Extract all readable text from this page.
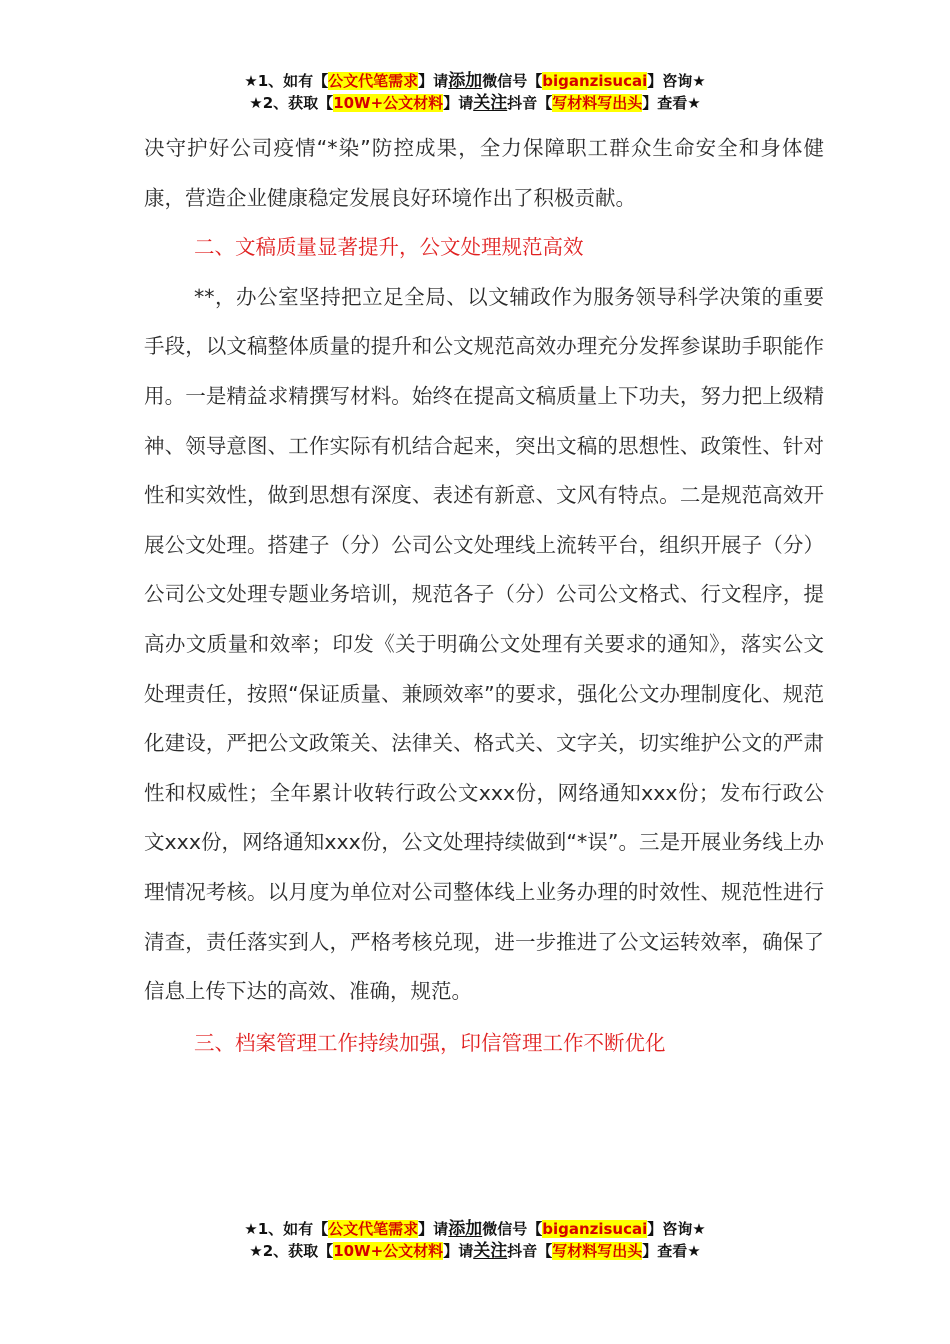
★1、如有【公文代笔需求】请添加微信号【biganzisucai】咨询★
★2、获取【10W+公文材料】请关注抖音【写材料写出头】查看★

决守护好公司疫情“*染”防控成果，全力保障职工群众生命安全和身体健康，营造企业健康稳定发展良好环境作出了积极贡献。

二、文稿质量显著提升，公文处理规范高效

**，办公室坚持把立足全局、以文辅政作为服务领导科学决策的重要手段，以文稿整体质量的提升和公文规范高效办理充分发挥参谋助手职能作用。一是精益求精撰写材料。始终在提高文稿质量上下功夫，努力把上级精神、领导意图、工作实际有机结合起来，突出文稿的思想性、政策性、针对性和实效性，做到思想有深度、表述有新意、文风有特点。二是规范高效开展公文处理。搭建子（分）公司公文处理线上流转平台，组织开展子（分）公司公文处理专题业务培训，规范各子（分）公司公文格式、行文程序，提高办文质量和效率；印发《关于明确公文处理有关要求的通知》，落实公文处理责任，按照“保证质量、兼顾效率”的要求，强化公文办理制度化、规范化建设，严把公文政策关、法律关、格式关、文字关，切实维护公文的严肃性和权威性；全年累计收转行政公文xxx份，网络通知xxx份；发布行政公文xxx份，网络通知xxx份，公文处理持续做到“*误”。三是开展业务线上办理情况考核。以月度为单位对公司整体线上业务办理的时效性、规范性进行清查，责任落实到人，严格考核兑现，进一步推进了公文运转效率，确保了信息上传下达的高效、准确，规范。

三、档案管理工作持续加强，印信管理工作不断优化

★1、如有【公文代笔需求】请添加微信号【biganzisucai】咨询★
★2、获取【10W+公文材料】请关注抖音【写材料写出头】查看★
